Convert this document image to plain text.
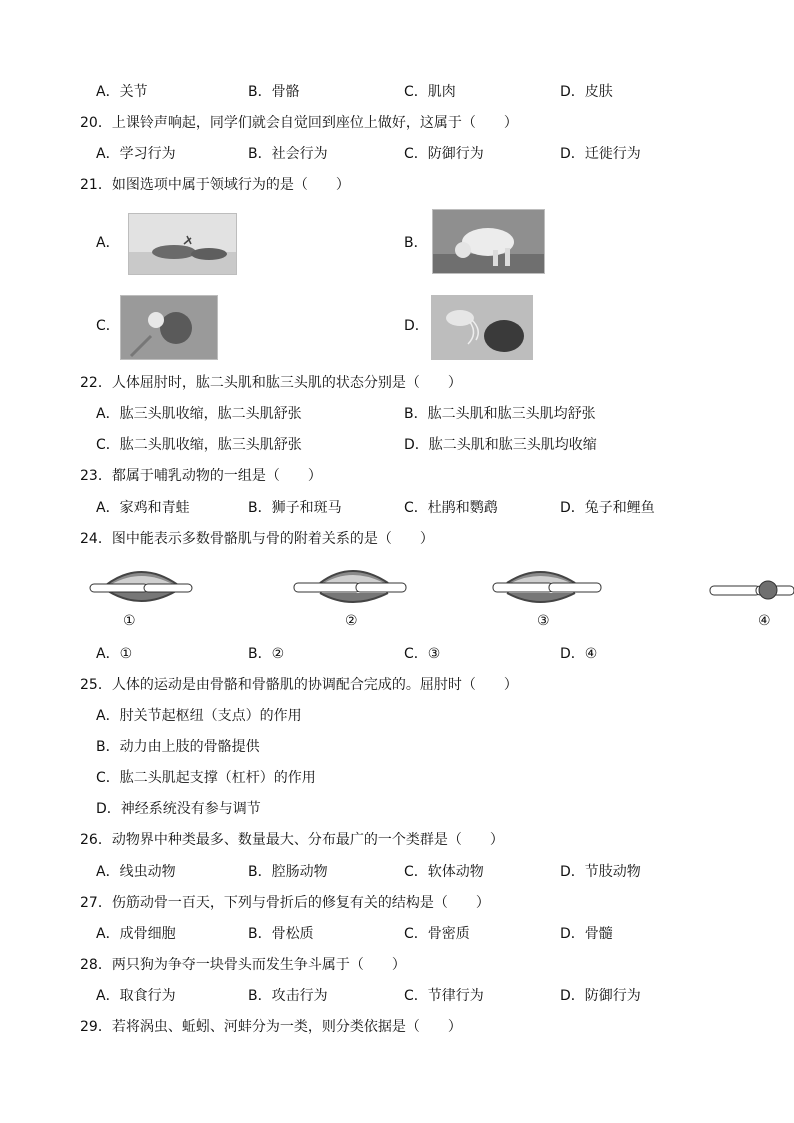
A．关节	B．骨骼	C．肌肉	D．皮肤
20．上课铃声响起，同学们就会自觉回到座位上做好，这属于（　　）
A．学习行为	B．社会行为	C．防御行为	D．迁徙行为
21．如图选项中属于领域行为的是（　　）
A．	B．
C．	D．
22．人体屈肘时，肱二头肌和肱三头肌的状态分别是（　　）
A．肱三头肌收缩，肱二头肌舒张	B．肱二头肌和肱三头肌均舒张
C．肱二头肌收缩，肱三头肌舒张	D．肱二头肌和肱三头肌均收缩
23．都属于哺乳动物的一组是（　　）
A．家鸡和青蛙	B．狮子和斑马	C．杜鹃和鹦鹉	D．兔子和鲤鱼
24．图中能表示多数骨骼肌与骨的附着关系的是（　　）
①	②	③	④
A．①	B．②	C．③	D．④
25．人体的运动是由骨骼和骨骼肌的协调配合完成的。屈肘时（　　）
A．肘关节起枢纽（支点）的作用
B．动力由上肢的骨骼提供
C．肱二头肌起支撑（杠杆）的作用
D．神经系统没有参与调节
26．动物界中种类最多、数量最大、分布最广的一个类群是（　　）
A．线虫动物	B．腔肠动物	C．软体动物	D．节肢动物
27．伤筋动骨一百天，下列与骨折后的修复有关的结构是（　　）
A．成骨细胞	B．骨松质	C．骨密质	D．骨髓
28．两只狗为争夺一块骨头而发生争斗属于（　　）
A．取食行为	B．攻击行为	C．节律行为	D．防御行为
29．若将涡虫、蚯蚓、河蚌分为一类，则分类依据是（　　）
